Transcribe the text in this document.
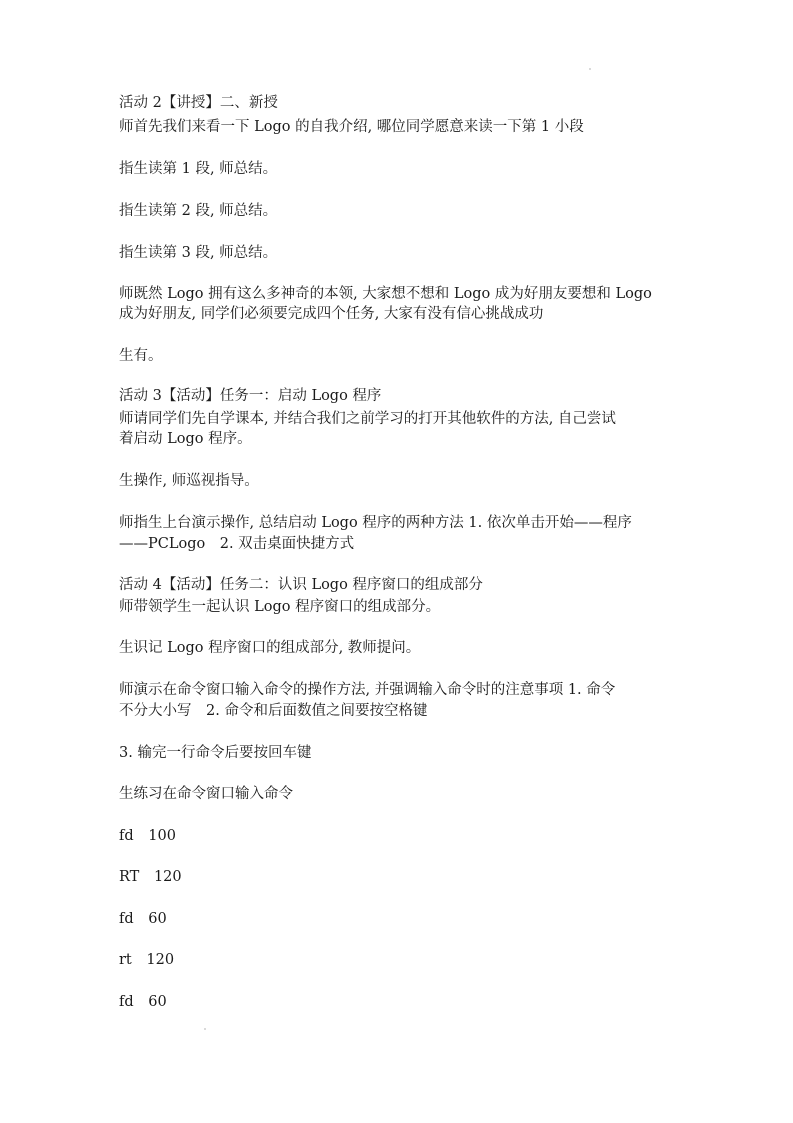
活动 2【讲授】二、新授
师首先我们来看一下 Logo 的自我介绍, 哪位同学愿意来读一下第 1 小段
指生读第 1 段, 师总结。
指生读第 2 段, 师总结。
指生读第 3 段, 师总结。
师既然 Logo 拥有这么多神奇的本领, 大家想不想和 Logo 成为好朋友要想和 Logo
成为好朋友, 同学们必须要完成四个任务, 大家有没有信心挑战成功
生有。
活动 3【活动】任务一：启动 Logo 程序
师请同学们先自学课本, 并结合我们之前学习的打开其他软件的方法, 自己尝试
着启动 Logo 程序。
生操作, 师巡视指导。
师指生上台演示操作, 总结启动 Logo 程序的两种方法 1. 依次单击开始——程序
——PCLogo　2. 双击桌面快捷方式
活动 4【活动】任务二：认识 Logo 程序窗口的组成部分
师带领学生一起认识 Logo 程序窗口的组成部分。
生识记 Logo 程序窗口的组成部分, 教师提问。
师演示在命令窗口输入命令的操作方法, 并强调输入命令时的注意事项 1. 命令
不分大小写　2. 命令和后面数值之间要按空格键
3. 输完一行命令后要按回车键
生练习在命令窗口输入命令
fd 100
RT 120
fd 60
rt 120
fd 60
